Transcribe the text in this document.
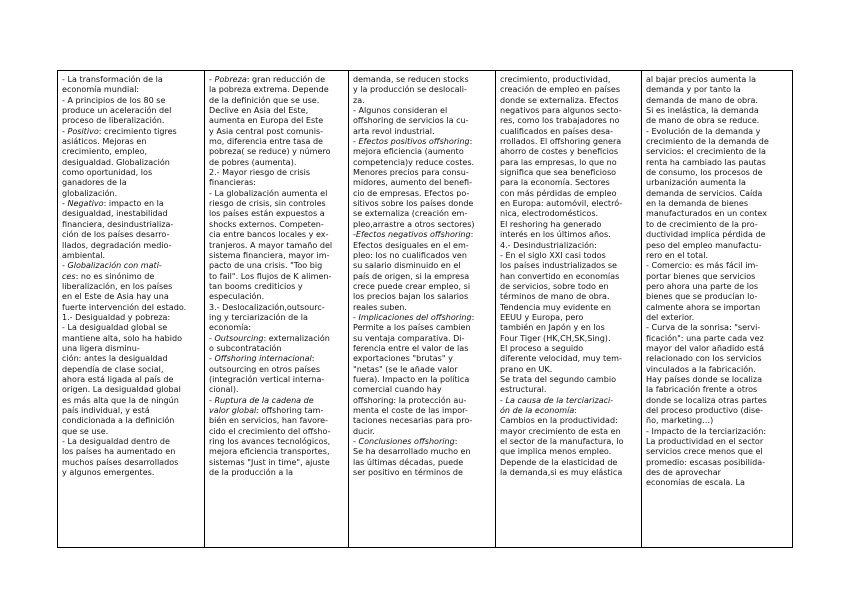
- La transformación de la
economía mundial:
- A principios de los 80 se
produce un aceleración del
proceso de liberalización.
- Positivo: crecimiento tigres
asiáticos. Mejoras en
crecimiento, empleo,
desigualdad. Globalización
como oportunidad, los
ganadores de la
globalización.
- Negativo: impacto en la
desigualdad, inestabilidad
financiera, desindustrializa-
ción de los países desarro-
llados, degradación medio-
ambiental.
- Globalización con mati-
ces: no es sinónimo de
liberalización, en los países
en el Este de Asia hay una
fuerte intervención del estado.
1.- Desigualdad y pobreza:
- La desigualdad global se
mantiene alta, solo ha habido
una ligera disminu-
ción: antes la desigualdad
dependía de clase social,
ahora está ligada al país de
origen. La desigualdad global
es más alta que la de ningún
país individual, y está
condicionada a la definición
que se use.
- La desigualdad dentro de
los países ha aumentado en
muchos países desarrollados
y algunos emergentes.

- Pobreza: gran reducción de
la pobreza extrema. Depende
de la definición que se use.
Declive en Asia del Este,
aumenta en Europa del Este
y Asia central post comunis-
mo, diferencia entre tasa de
pobreza( se reduce) y número
de pobres (aumenta).
2.- Mayor riesgo de crisis
financieras:
- La globalización aumenta el
riesgo de crisis, sin controles
los países están expuestos a
shocks externos. Competen-
cia entre bancos locales y ex-
tranjeros. A mayor tamaño del
sistema financiera, mayor im-
pacto de una crisis. "Too big
to fail". Los flujos de K alimen-
tan booms crediticios y
especulación.
3.- Deslocalización,outsourc-
ing y terciarización de la
economía:
- Outsourcing: externalización
o subcontratación
- Offshoring internacional:
outsourcing en otros países
(integración vertical interna-
cional).
- Ruptura de la cadena de
valor global: offshoring tam-
bién en servicios, han favore-
cido el crecimiento del offsho-
ring los avances tecnológicos,
mejora eficiencia transportes,
sistemas "Just in time", ajuste
de la producción a la

demanda, se reducen stocks
y la producción se deslocali-
za.
- Algunos consideran el
offshoring de servicios la cu-
arta revol industrial.
- Efectos positivos offshoring:
mejora eficiencia (aumento
competencia)y reduce costes.
Menores precios para consu-
midores, aumento del benefi-
cio de empresas. Efectos po-
sitivos sobre los países donde
se externaliza (creación em-
pleo,arrastre a otros sectores)
-Efectos negativos offshoring:
Efectos desiguales en el em-
pleo: los no cualificados ven
su salario disminuido en el
país de origen, si la empresa
crece puede crear empleo, si
los precios bajan los salarios
reales suben.
- Implicaciones del offshoring:
Permite a los países cambien
su ventaja comparativa. Di-
ferencia entre el valor de las
exportaciones "brutas" y
"netas" (se le añade valor
fuera). Impacto en la política
comercial cuando hay
offshoring: la protección au-
menta el coste de las impor-
taciones necesarias para pro-
ducir.
- Conclusiones offshoring:
Se ha desarrollado mucho en
las últimas décadas, puede
ser positivo en términos de

crecimiento, productividad,
creación de empleo en países
donde se externaliza. Efectos
negativos para algunos secto-
res, como los trabajadores no
cualificados en países desa-
rrollados. El offshoring genera
ahorro de costes y beneficios
para las empresas, lo que no
significa que sea beneficioso
para la economía. Sectores
con más pérdidas de empleo
en Europa: automóvil, electró-
nica, electrodomésticos.
El reshoring ha generado
interés en los últimos años.
4.- Desindustrialización:
- En el siglo XXI casi todos
los países industrializados se
han convertido en economías
de servicios, sobre todo en
términos de mano de obra.
Tendencia muy evidente en
EEUU y Europa, pero
también en Japón y en los
Four Tiger (HK,CH,SK,Sing).
El proceso a seguido
diferente velocidad, muy tem-
prano en UK.
Se trata del segundo cambio
estructural.
- La causa de la terciarizaci-
ón de la economía:
Cambios en la productividad:
mayor crecimiento de esta en
el sector de la manufactura, lo
que implica menos empleo.
Depende de la elasticidad de
la demanda,si es muy elástica

al bajar precios aumenta la
demanda y por tanto la
demanda de mano de obra.
Si es inelástica, la demanda
de mano de obra se reduce.
- Evolución de la demanda y
crecimiento de la demanda de
servicios: el crecimiento de la
renta ha cambiado las pautas
de consumo, los procesos de
urbanización aumenta la
demanda de servicios. Caída
en la demanda de bienes
manufacturados en un contex
to de crecimiento de la pro-
ductividad implica pérdida de
peso del empleo manufactu-
rero en el total.
- Comercio: es más fácil im-
portar bienes que servicios
pero ahora una parte de los
bienes que se producían lo-
calmente ahora se importan
del exterior.
- Curva de la sonrisa: "servi-
ficación": una parte cada vez
mayor del valor añadido está
relacionado con los servicios
vinculados a la fabricación.
Hay países donde se localiza
la fabricación frente a otros
donde se localiza otras partes
del proceso productivo (dise-
ño, marketing…)
- Impacto de la terciarización:
La productividad en el sector
servicios crece menos que el
promedio: escasas posibilida-
des de aprovechar
economías de escala. La
